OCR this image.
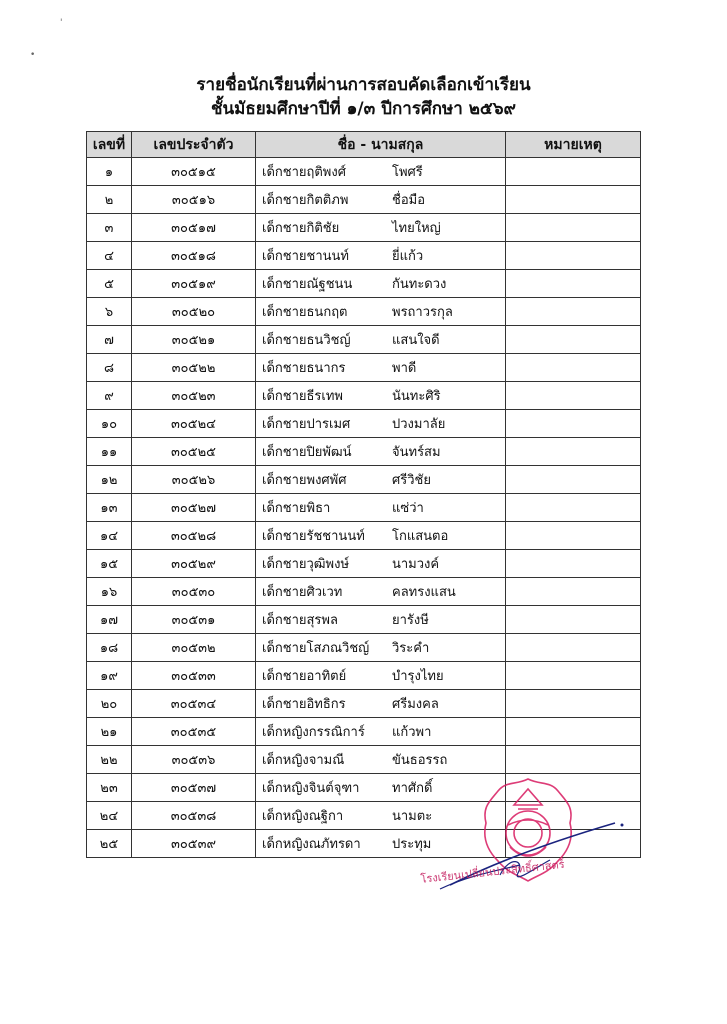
'
•
รายชื่อนักเรียนที่ผ่านการสอบคัดเลือกเข้าเรียน
ชั้นมัธยมศึกษาปีที่ ๑/๓ ปีการศึกษา ๒๕๖๙
เลขที่	เลขประจำตัว	ชื่อ - นามสกุล	หมายเหตุ
๑	๓๐๕๑๕	เด็กชายฤติพงศ์ โพศรี	
๒	๓๐๕๑๖	เด็กชายกิตติภพ ชื่อมือ	
๓	๓๐๕๑๗	เด็กชายกิติชัย ไทยใหญ่	
๔	๓๐๕๑๘	เด็กชายชานนท์ ยี่แก้ว	
๕	๓๐๕๑๙	เด็กชายณัฐชนน กันทะดวง	
๖	๓๐๕๒๐	เด็กชายธนกฤต พรถาวรกุล	
๗	๓๐๕๒๑	เด็กชายธนวิชญ์ แสนใจดี	
๘	๓๐๕๒๒	เด็กชายธนากร พาดี	
๙	๓๐๕๒๓	เด็กชายธีรเทพ นันทะศิริ	
๑๐	๓๐๕๒๔	เด็กชายปารเมศ ปวงมาลัย	
๑๑	๓๐๕๒๕	เด็กชายปิยพัฒน์ จันทร์สม	
๑๒	๓๐๕๒๖	เด็กชายพงศพัศ ศรีวิชัย	
๑๓	๓๐๕๒๗	เด็กชายพิธา แซ่ว่า	
๑๔	๓๐๕๒๘	เด็กชายรัชชานนท์ โกแสนตอ	
๑๕	๓๐๕๒๙	เด็กชายวุฒิพงษ์ นามวงค์	
๑๖	๓๐๕๓๐	เด็กชายศิวเวท คลทรงแสน	
๑๗	๓๐๕๓๑	เด็กชายสุรพล ยารังษี	
๑๘	๓๐๕๓๒	เด็กชายโสภณวิชญ์ วิระคำ	
๑๙	๓๐๕๓๓	เด็กชายอาทิตย์ บำรุงไทย	
๒๐	๓๐๕๓๔	เด็กชายอิทธิกร ศรีมงคล	
๒๑	๓๐๕๓๕	เด็กหญิงกรรณิการ์ แก้วพา	
๒๒	๓๐๕๓๖	เด็กหญิงจามณี ขันธอรรถ	
๒๓	๓๐๕๓๗	เด็กหญิงจินต์จุฑา ทาศักดิ์	
๒๔	๓๐๕๓๘	เด็กหญิงณฐิกา นามตะ	
๒๕	๓๐๕๓๙	เด็กหญิงณภัทรดา ประทุม	
โรงเรียนเปลี่ยนประสิทธิ์ศาสตร์
